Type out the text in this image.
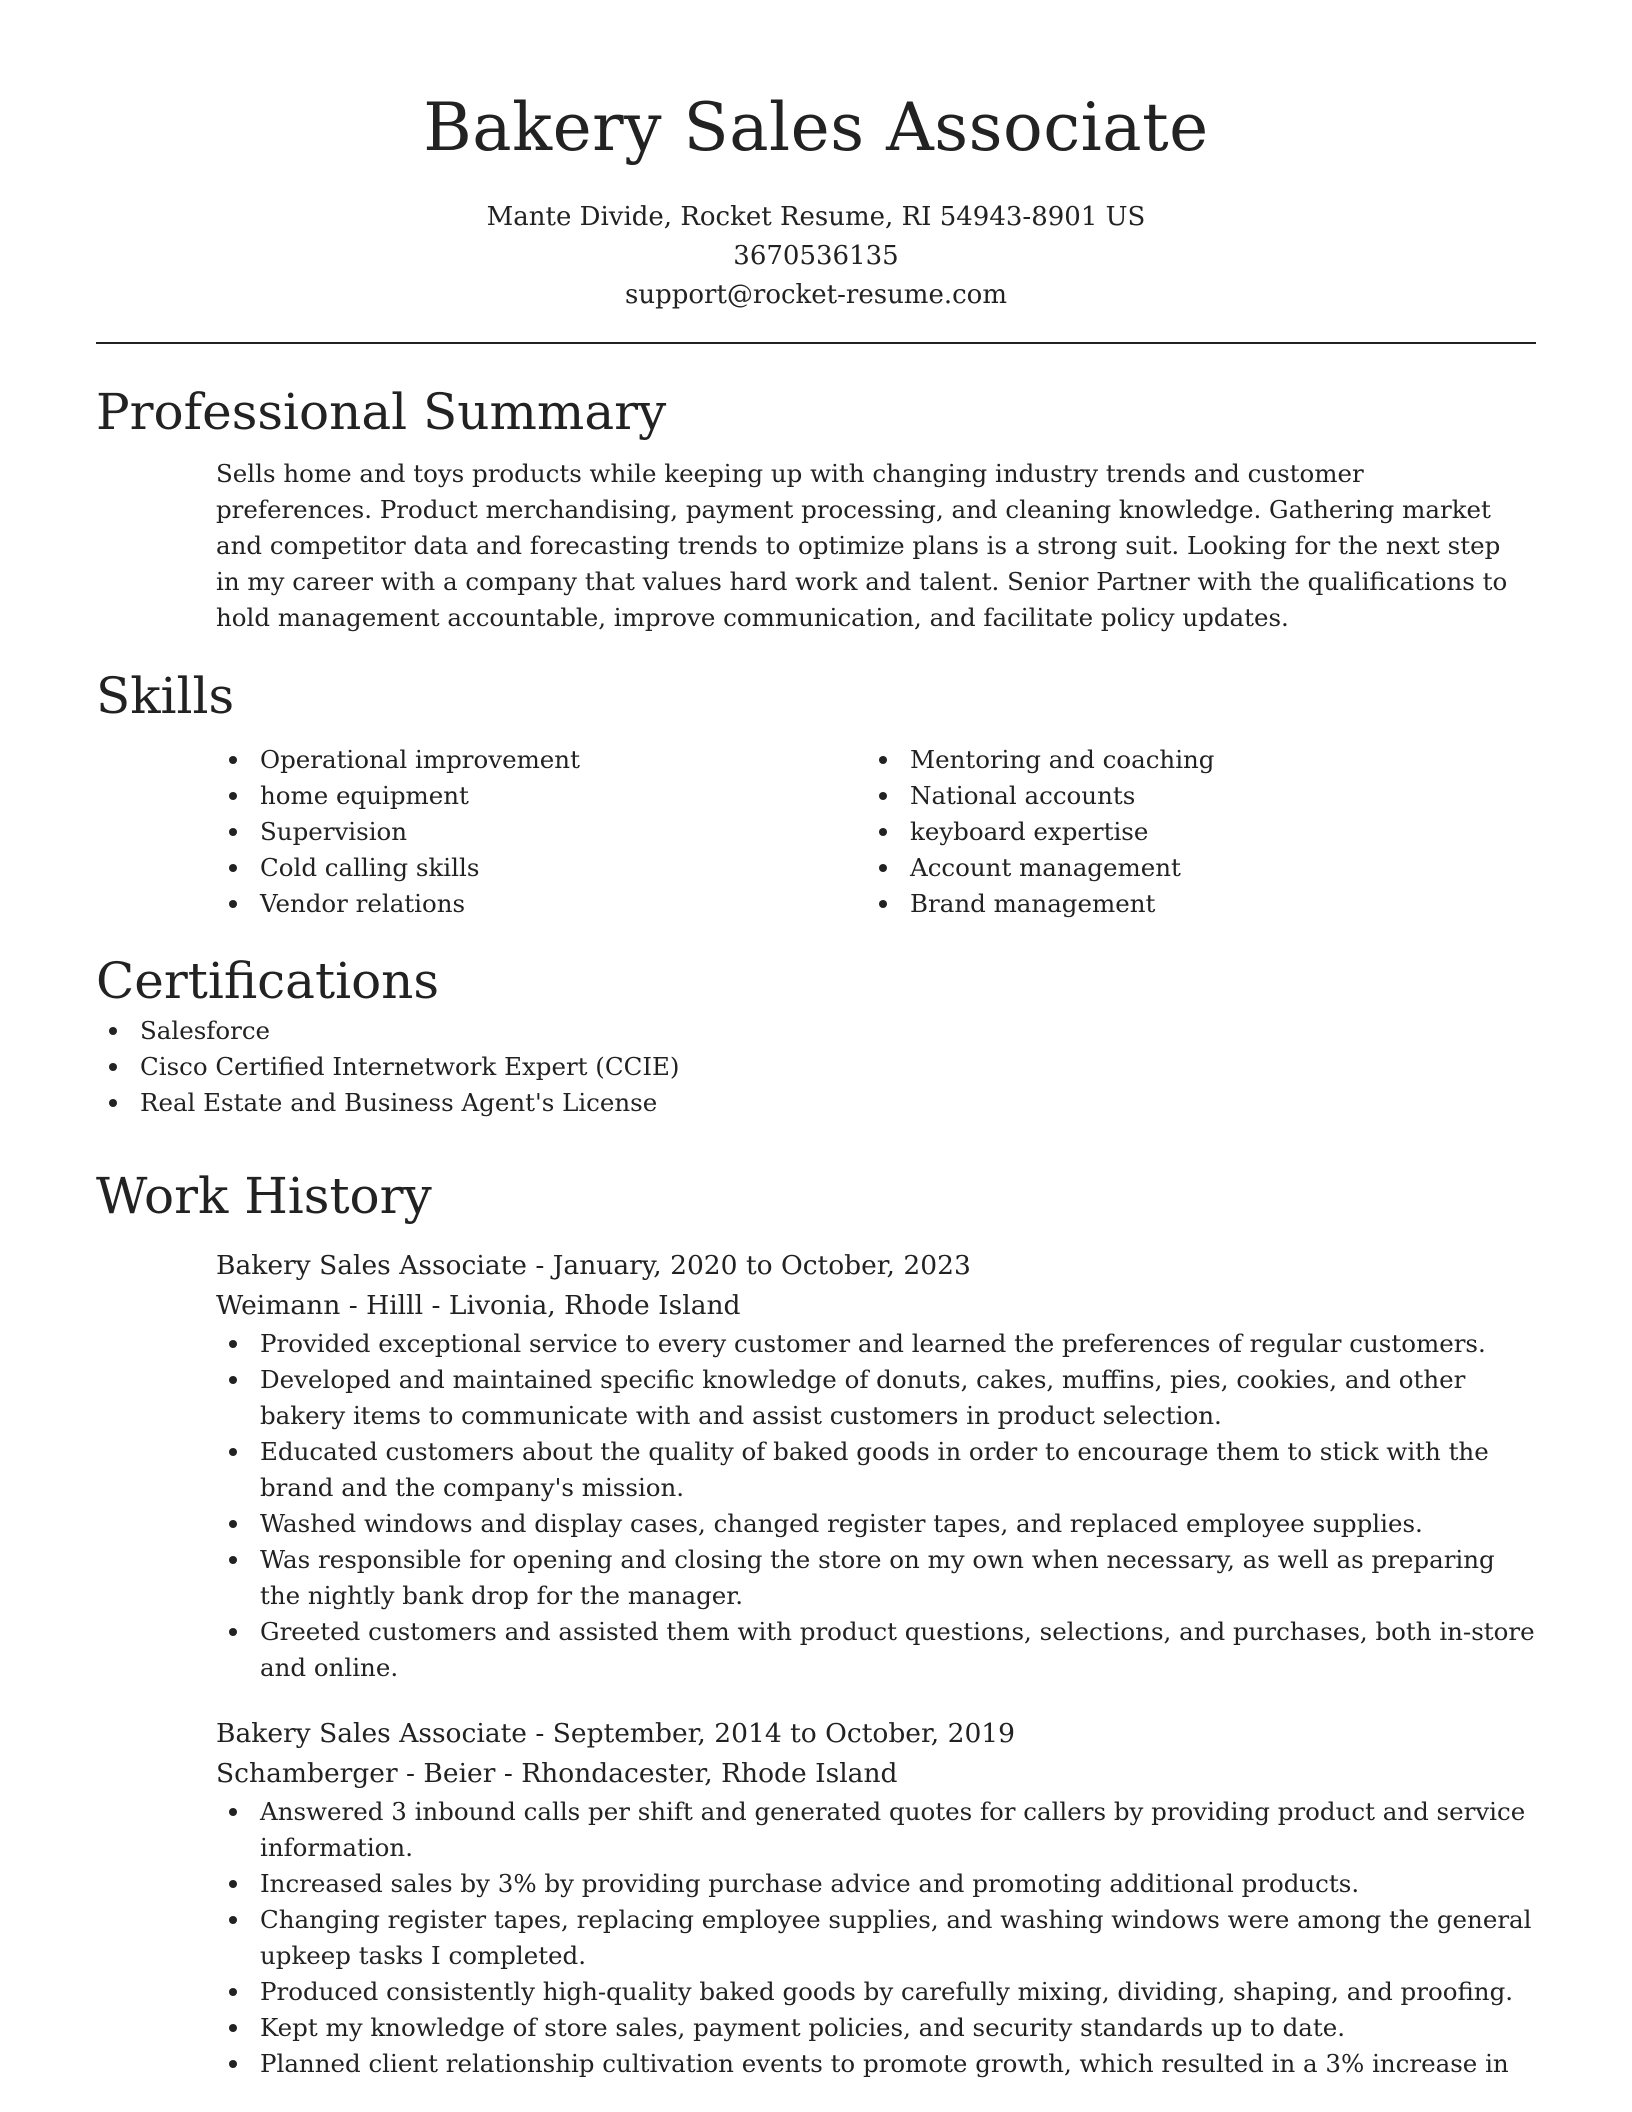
Bakery Sales Associate
Mante Divide, Rocket Resume, RI 54943-8901 US
3670536135
support@rocket-resume.com
Professional Summary

Sells home and toys products while keeping up with changing industry trends and customer preferences. Product merchandising, payment processing, and cleaning knowledge. Gathering market and competitor data and forecasting trends to optimize plans is a strong suit. Looking for the next step in my career with a company that values hard work and talent. Senior Partner with the qualifications to hold management accountable, improve communication, and facilitate policy updates.

Skills
Operational improvement
home equipment
Supervision
Cold calling skills
Vendor relations
Mentoring and coaching
National accounts
keyboard expertise
Account management
Brand management
Certifications
Salesforce
Cisco Certified Internetwork Expert (CCIE)
Real Estate and Business Agent's License
Work History
Bakery Sales Associate - January, 2020 to October, 2023
Weimann - Hilll - Livonia, Rhode Island
Provided exceptional service to every customer and learned the preferences of regular customers.
Developed and maintained specific knowledge of donuts, cakes, muffins, pies, cookies, and other bakery items to communicate with and assist customers in product selection.
Educated customers about the quality of baked goods in order to encourage them to stick with the brand and the company's mission.
Washed windows and display cases, changed register tapes, and replaced employee supplies.
Was responsible for opening and closing the store on my own when necessary, as well as preparing the nightly bank drop for the manager.
Greeted customers and assisted them with product questions, selections, and purchases, both in-store and online.
Bakery Sales Associate - September, 2014 to October, 2019
Schamberger - Beier - Rhondacester, Rhode Island
Answered 3 inbound calls per shift and generated quotes for callers by providing product and service information.
Increased sales by 3% by providing purchase advice and promoting additional products.
Changing register tapes, replacing employee supplies, and washing windows were among the general upkeep tasks I completed.
Produced consistently high-quality baked goods by carefully mixing, dividing, shaping, and proofing.
Kept my knowledge of store sales, payment policies, and security standards up to date.
Planned client relationship cultivation events to promote growth, which resulted in a 3% increase in
